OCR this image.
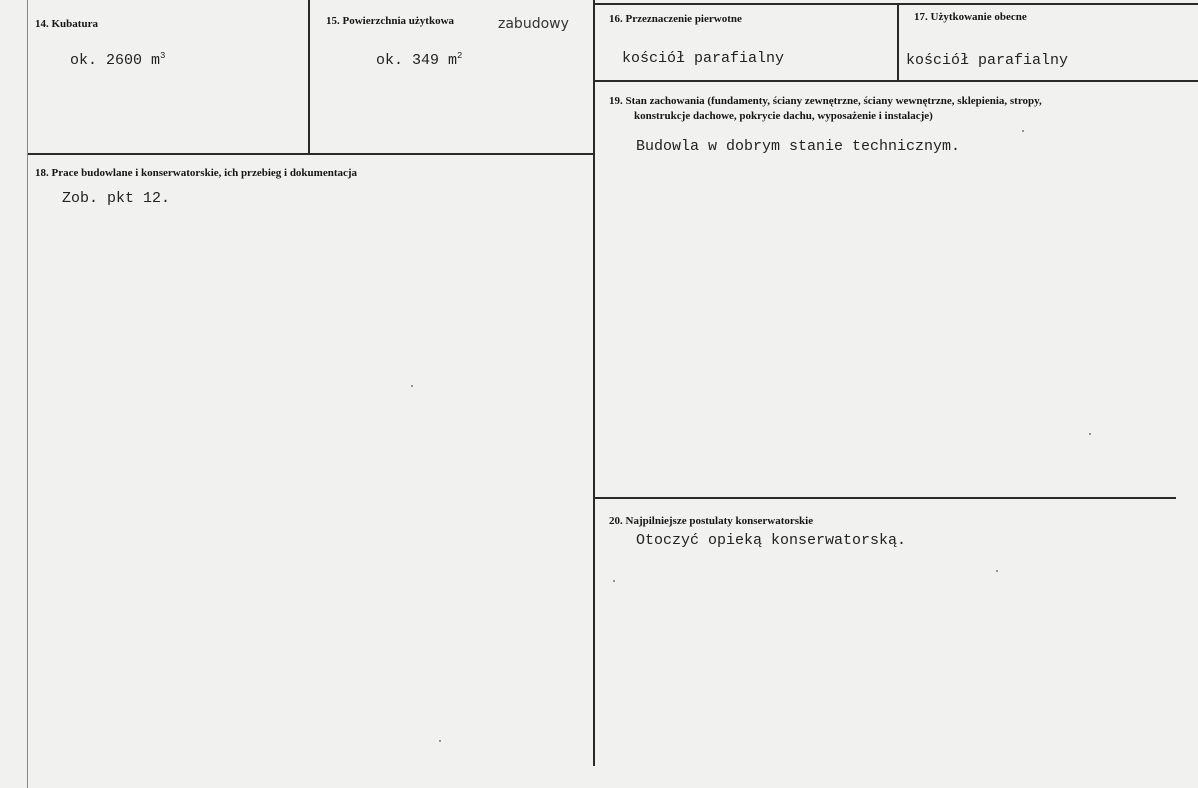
14. Kubatura
ok. 2600 $m^3$
15. Powierzchnia użytkowa	zabudowy
ok. 349 $m^2$
16. Przeznaczenie pierwotne
kościół parafialny
17. Użytkowanie obecne
kościół parafialny
18. Prace budowlane i konserwatorskie, ich przebieg i dokumentacja
Zob. pkt 12.
19. Stan zachowania (fundamenty, ściany zewnętrzne, ściany wewnętrzne, sklepienia, stropy,
konstrukcje dachowe, pokrycie dachu, wyposażenie i instalacje)
Budowla w dobrym stanie technicznym.
20. Najpilniejsze postulaty konserwatorskie
Otoczyć opieką konserwatorską.
